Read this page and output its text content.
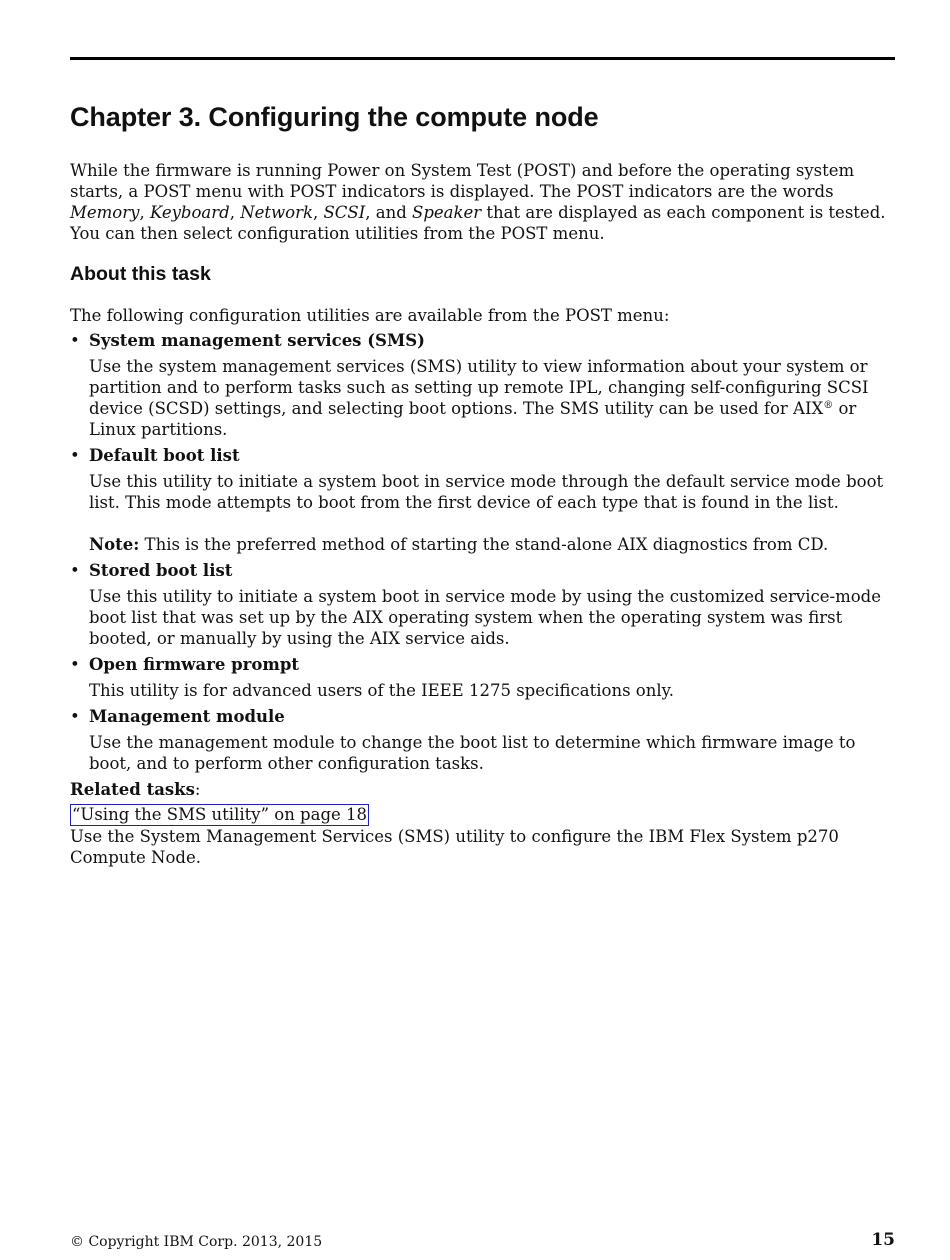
Chapter 3. Configuring the compute node

While the firmware is running Power on System Test (POST) and before the operating system starts, a POST menu with POST indicators is displayed. The POST indicators are the words Memory, Keyboard, Network, SCSI, and Speaker that are displayed as each component is tested. You can then select configuration utilities from the POST menu.

About this task

The following configuration utilities are available from the POST menu:

• System management services (SMS)
Use the system management services (SMS) utility to view information about your system or partition and to perform tasks such as setting up remote IPL, changing self-configuring SCSI device (SCSD) settings, and selecting boot options. The SMS utility can be used for AIX® or Linux partitions.
• Default boot list
Use this utility to initiate a system boot in service mode through the default service mode boot list. This mode attempts to boot from the first device of each type that is found in the list.
Note: This is the preferred method of starting the stand-alone AIX diagnostics from CD.
• Stored boot list
Use this utility to initiate a system boot in service mode by using the customized service-mode boot list that was set up by the AIX operating system when the operating system was first booted, or manually by using the AIX service aids.
• Open firmware prompt
This utility is for advanced users of the IEEE 1275 specifications only.
• Management module
Use the management module to change the boot list to determine which firmware image to boot, and to perform other configuration tasks.

Related tasks:

“Using the SMS utility” on page 18

Use the System Management Services (SMS) utility to configure the IBM Flex System p270 Compute Node.

© Copyright IBM Corp. 2013, 2015	15
